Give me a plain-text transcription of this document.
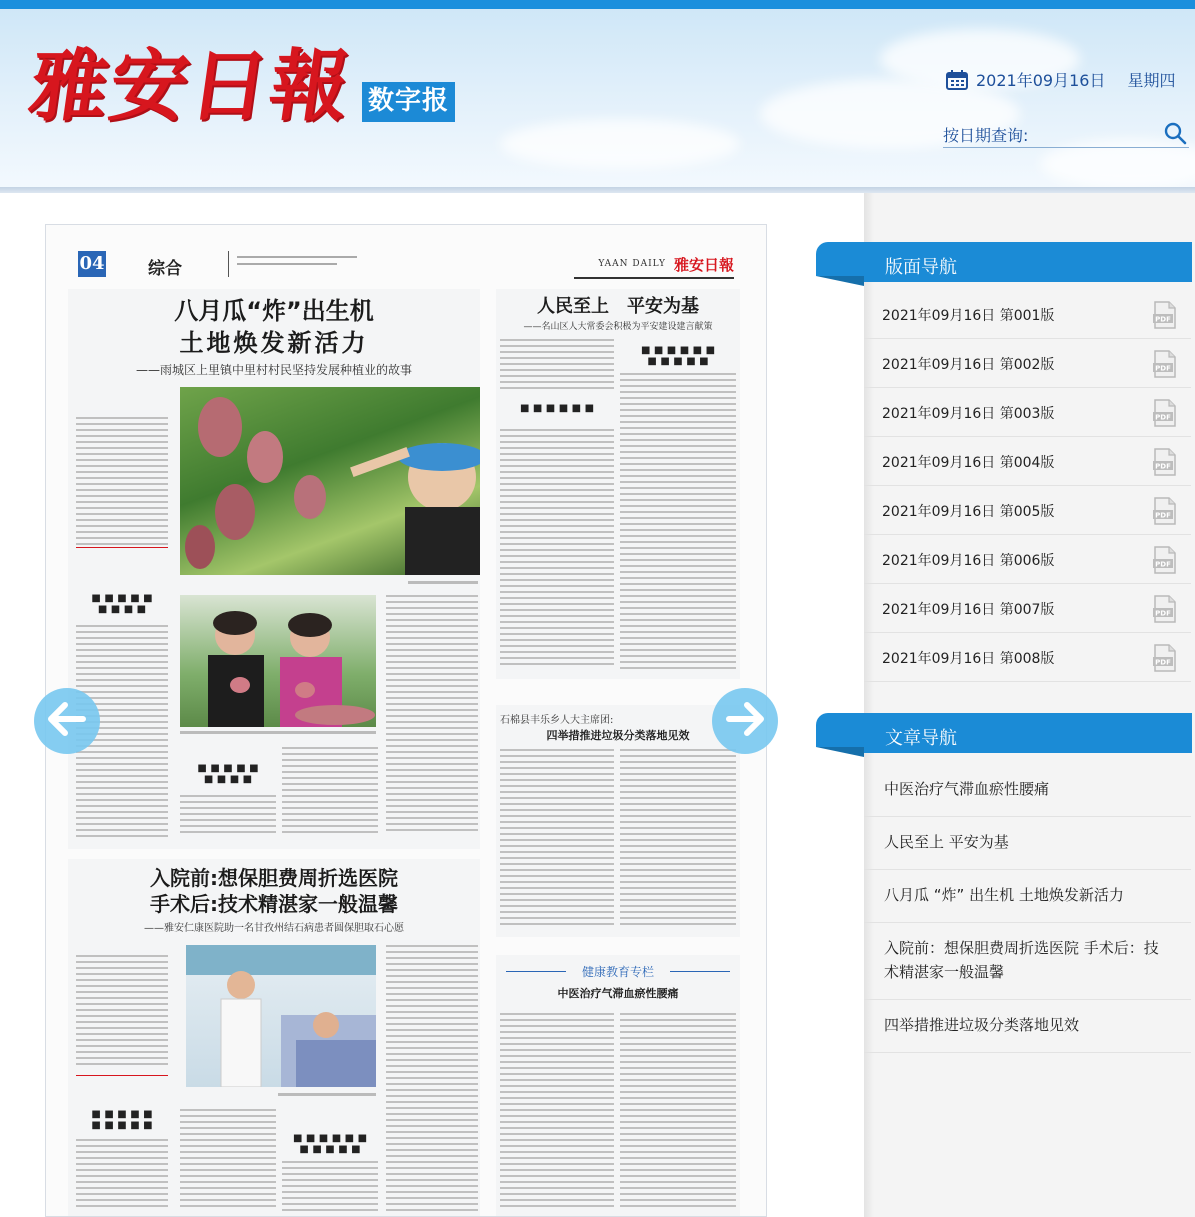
雅安日報 数字报
2021年09月16日 星期四
按日期查询:
04	综合	YAAN DAILY 雅安日報
八月瓜“炸”出生机
土地焕发新活力
——雨城区上里镇中里村村民坚持发展种植业的故事
■ ■ ■ ■ ■
■ ■ ■ ■
■ ■ ■ ■ ■
■ ■ ■ ■
人民至上　平安为基
——名山区人大常委会积极为平安建设建言献策
■ ■ ■ ■ ■ ■
■ ■ ■ ■ ■ ■
■ ■ ■ ■ ■
石棉县丰乐乡人大主席团:
四举措推进垃圾分类落地见效
入院前:想保胆费周折选医院
手术后:技术精湛家一般温馨
——雅安仁康医院助一名甘孜州结石病患者圆保胆取石心愿
■ ■ ■ ■ ■
■ ■ ■ ■ ■
■ ■ ■ ■ ■ ■
■ ■ ■ ■ ■
健康教育专栏
中医治疗气滞血瘀性腰痛
版面导航
2021年09月16日 第001版	PDF
2021年09月16日 第002版	PDF
2021年09月16日 第003版	PDF
2021年09月16日 第004版	PDF
2021年09月16日 第005版	PDF
2021年09月16日 第006版	PDF
2021年09月16日 第007版	PDF
2021年09月16日 第008版	PDF
文章导航
中医治疗气滞血瘀性腰痛
人民至上 平安为基
八月瓜 “炸” 出生机 土地焕发新活力
入院前：想保胆费周折选医院 手术后：技术精湛家一般温馨
四举措推进垃圾分类落地见效
